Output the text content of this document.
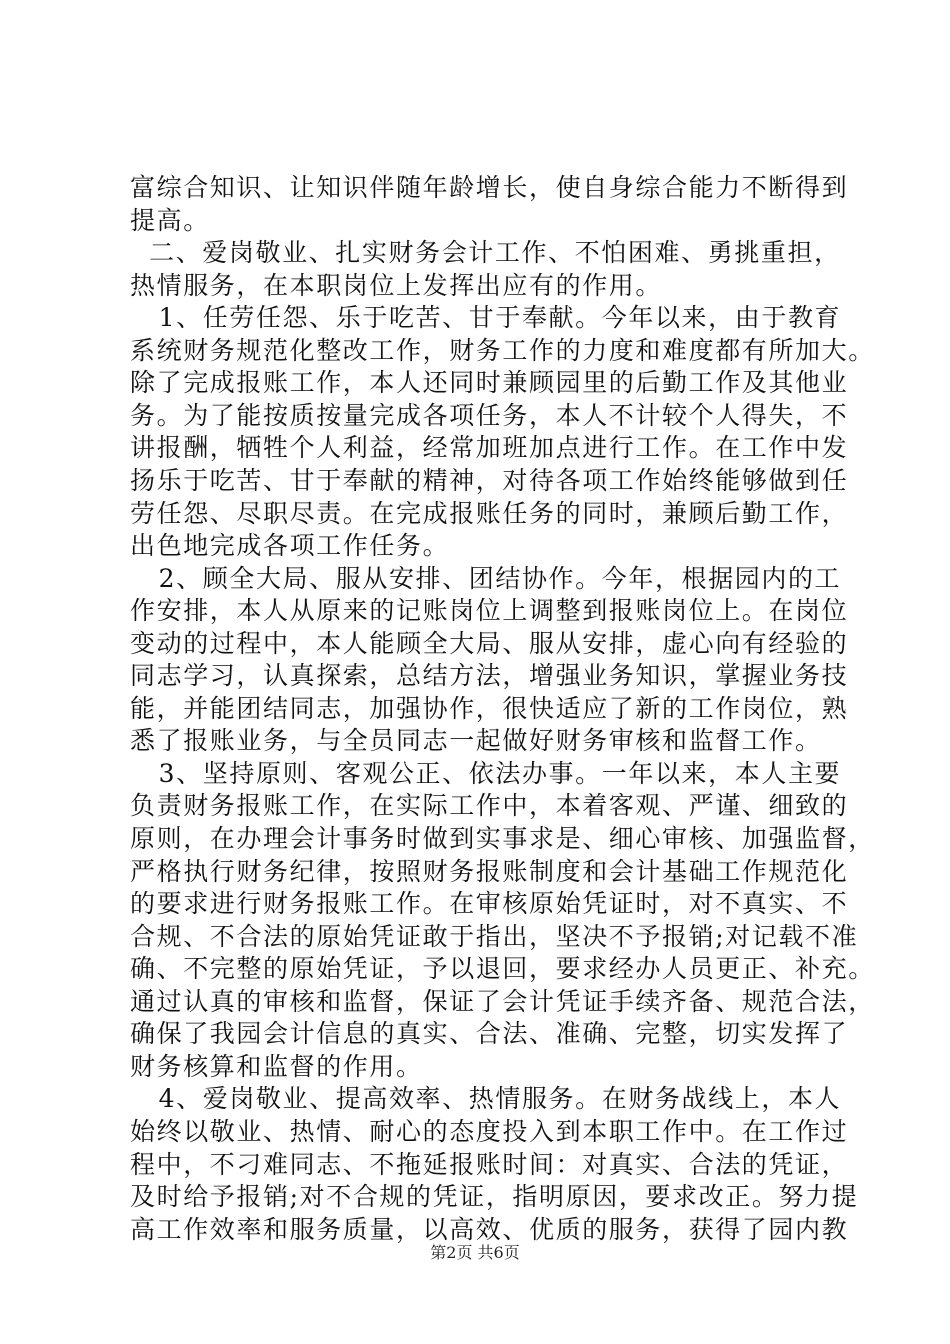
富综合知识、让知识伴随年龄增长，使自身综合能力不断得到
提高。
二、爱岗敬业、扎实财务会计工作、不怕困难、勇挑重担，
热情服务，在本职岗位上发挥出应有的作用。
1、任劳任怨、乐于吃苦、甘于奉献。今年以来，由于教育
系统财务规范化整改工作，财务工作的力度和难度都有所加大。
除了完成报账工作，本人还同时兼顾园里的后勤工作及其他业
务。为了能按质按量完成各项任务，本人不计较个人得失，不
讲报酬，牺牲个人利益，经常加班加点进行工作。在工作中发
扬乐于吃苦、甘于奉献的精神，对待各项工作始终能够做到任
劳任怨、尽职尽责。在完成报账任务的同时，兼顾后勤工作，
出色地完成各项工作任务。
2、顾全大局、服从安排、团结协作。今年，根据园内的工
作安排，本人从原来的记账岗位上调整到报账岗位上。在岗位
变动的过程中，本人能顾全大局、服从安排，虚心向有经验的
同志学习，认真探索，总结方法，增强业务知识，掌握业务技
能，并能团结同志，加强协作，很快适应了新的工作岗位，熟
悉了报账业务，与全员同志一起做好财务审核和监督工作。
3、坚持原则、客观公正、依法办事。一年以来，本人主要
负责财务报账工作，在实际工作中，本着客观、严谨、细致的
原则，在办理会计事务时做到实事求是、细心审核、加强监督，
严格执行财务纪律，按照财务报账制度和会计基础工作规范化
的要求进行财务报账工作。在审核原始凭证时，对不真实、不
合规、不合法的原始凭证敢于指出，坚决不予报销;对记载不准
确、不完整的原始凭证，予以退回，要求经办人员更正、补充。
通过认真的审核和监督，保证了会计凭证手续齐备、规范合法，
确保了我园会计信息的真实、合法、准确、完整，切实发挥了
财务核算和监督的作用。
4、爱岗敬业、提高效率、热情服务。在财务战线上，本人
始终以敬业、热情、耐心的态度投入到本职工作中。在工作过
程中，不刁难同志、不拖延报账时间：对真实、合法的凭证，
及时给予报销;对不合规的凭证，指明原因，要求改正。努力提
高工作效率和服务质量，以高效、优质的服务，获得了园内教
第2页 共6页
